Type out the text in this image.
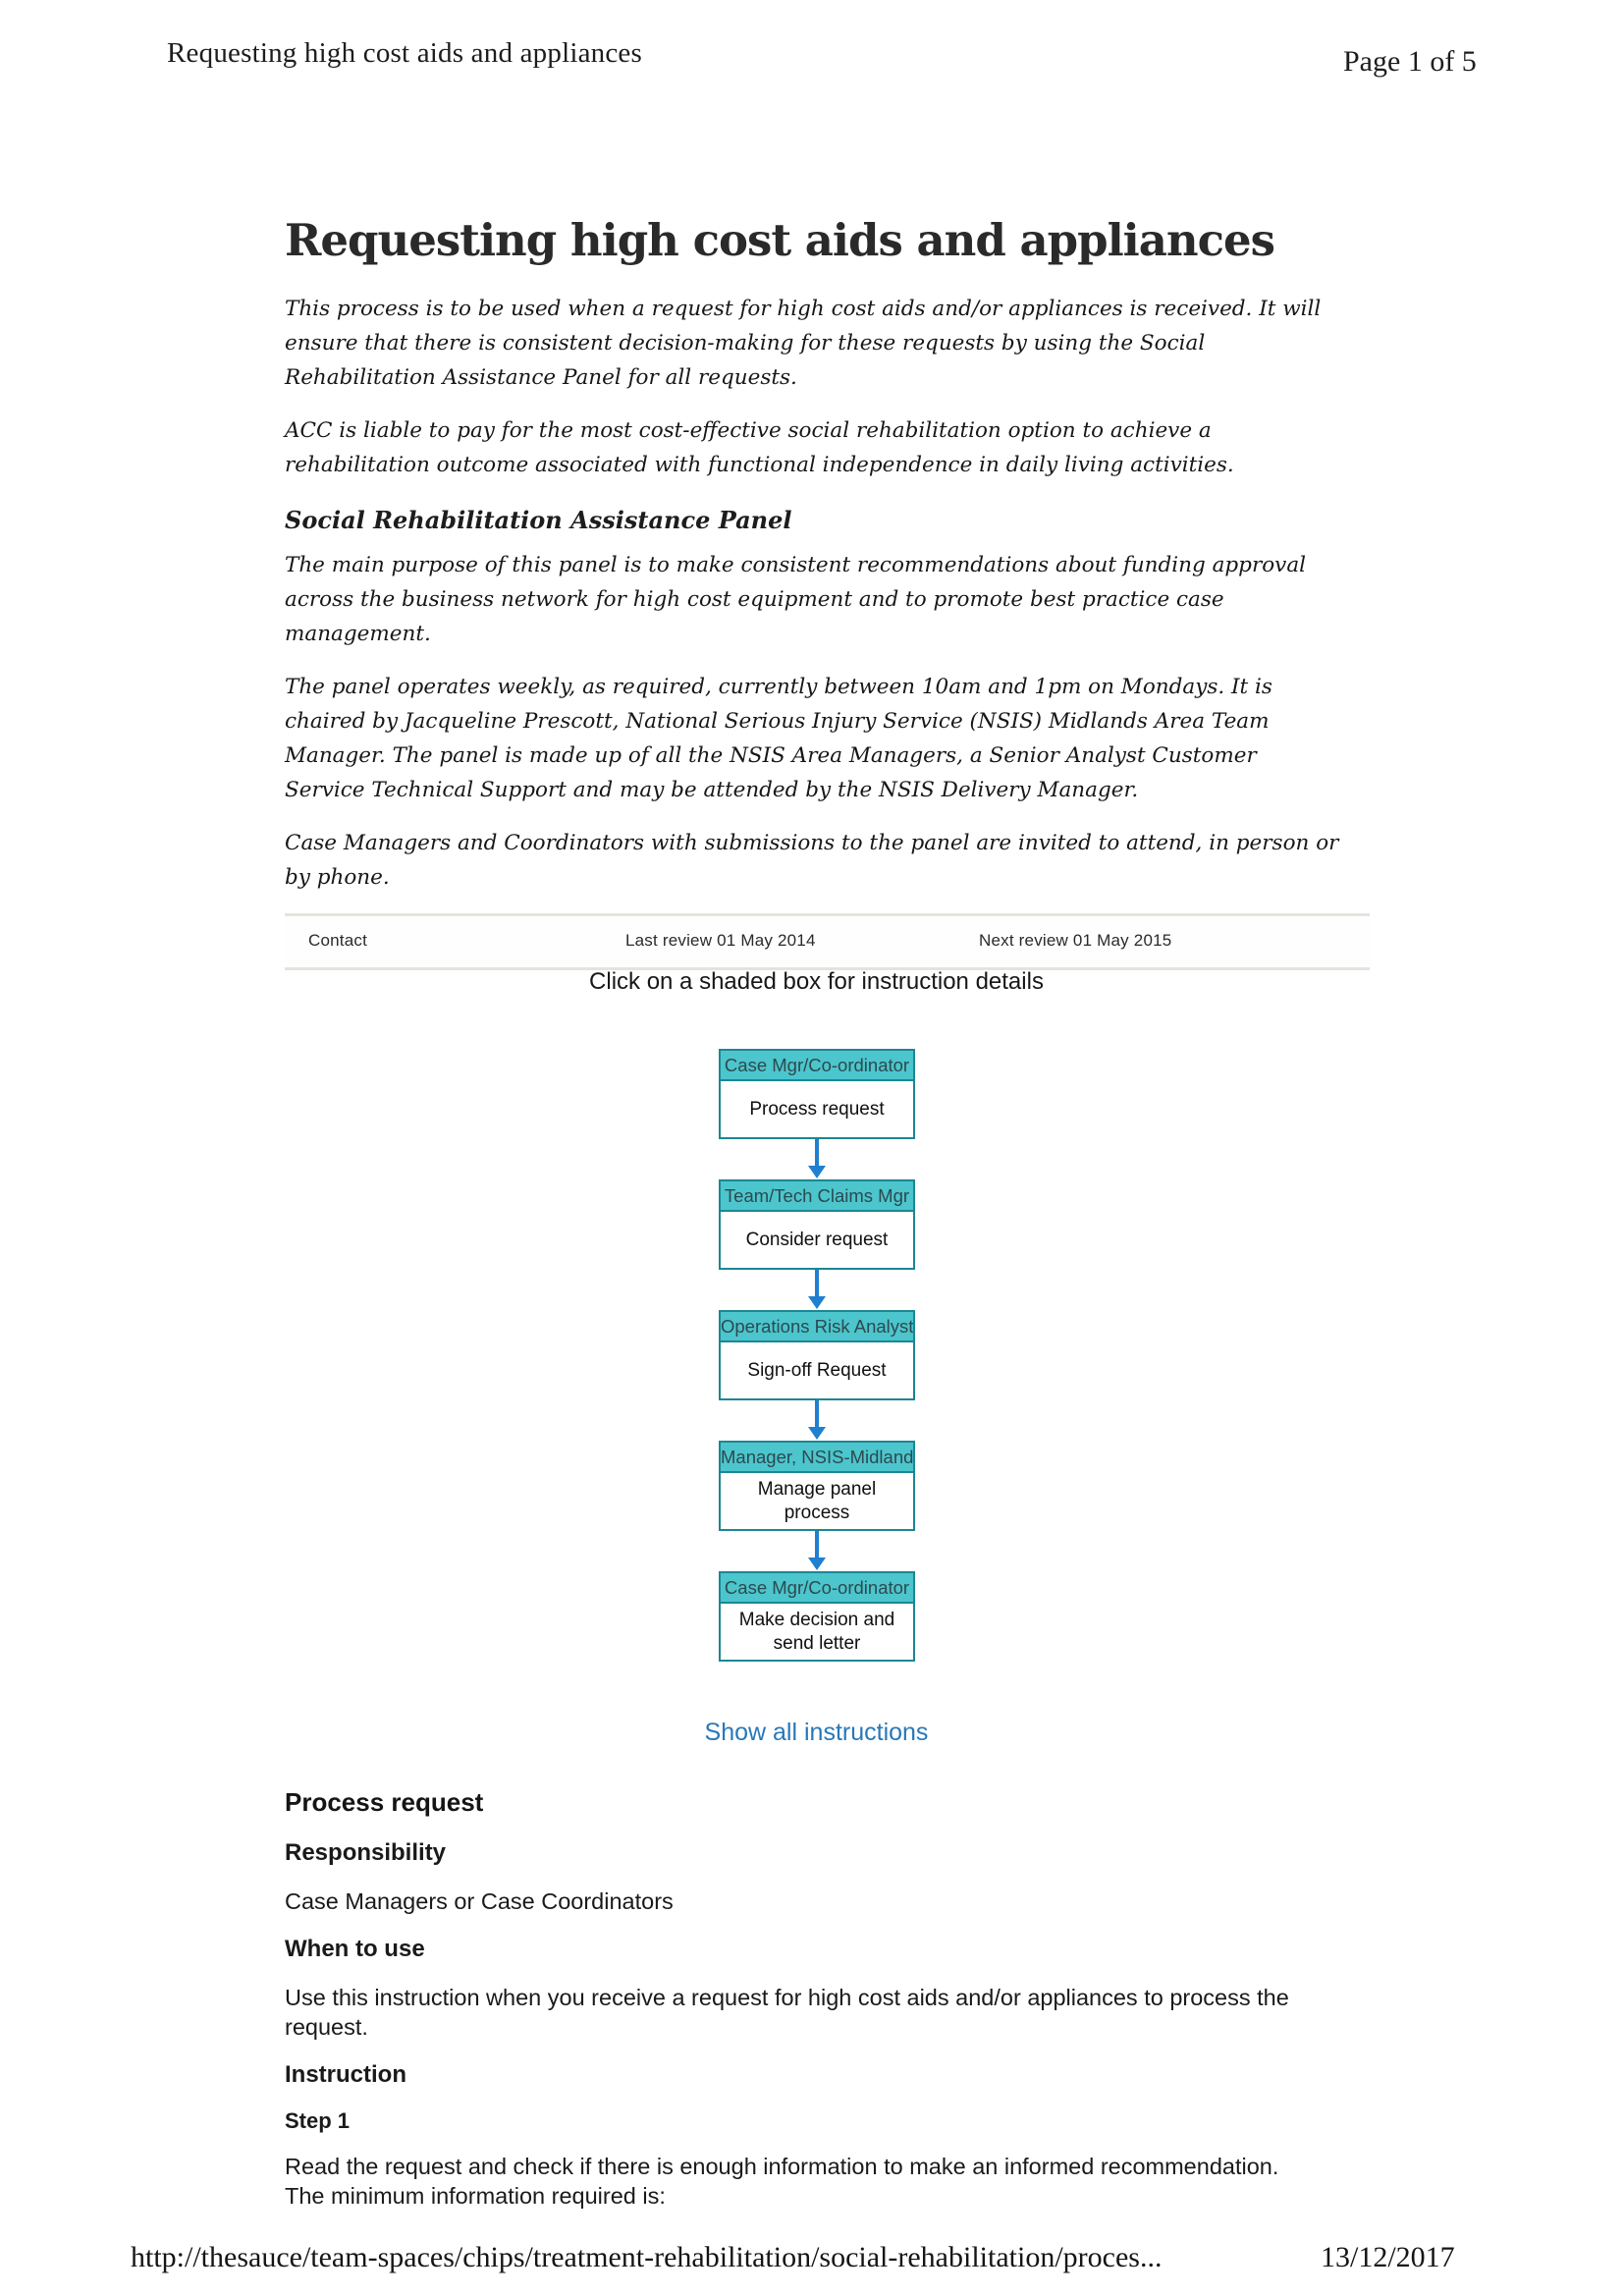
Requesting high cost aids and appliances	Page 1 of 5
Requesting high cost aids and appliances

This process is to be used when a request for high cost aids and/or appliances is received. It will ensure that there is consistent decision-making for these requests by using the Social Rehabilitation Assistance Panel for all requests.

ACC is liable to pay for the most cost-effective social rehabilitation option to achieve a rehabilitation outcome associated with functional independence in daily living activities.

Social Rehabilitation Assistance Panel

The main purpose of this panel is to make consistent recommendations about funding approval across the business network for high cost equipment and to promote best practice case management.

The panel operates weekly, as required, currently between 10am and 1pm on Mondays. It is chaired by Jacqueline Prescott, National Serious Injury Service (NSIS) Midlands Area Team Manager. The panel is made up of all the NSIS Area Managers, a Senior Analyst Customer Service Technical Support and may be attended by the NSIS Delivery Manager.

Case Managers and Coordinators with submissions to the panel are invited to attend, in person or by phone.

Contact	Last review 01 May 2014	Next review 01 May 2015
Click on a shaded box for instruction details
Case Mgr/Co-ordinator
Process request
Team/Tech Claims Mgr
Consider request
Operations Risk Analyst
Sign-off Request
Manager, NSIS-Midland
Manage panel process
Case Mgr/Co-ordinator
Make decision and send letter
Show all instructions
Process request
Responsibility

Case Managers or Case Coordinators

When to use

Use this instruction when you receive a request for high cost aids and/or appliances to process the request.

Instruction
Step 1

Read the request and check if there is enough information to make an informed recommendation. The minimum information required is:

http://thesauce/team-spaces/chips/treatment-rehabilitation/social-rehabilitation/proces...	13/12/2017
